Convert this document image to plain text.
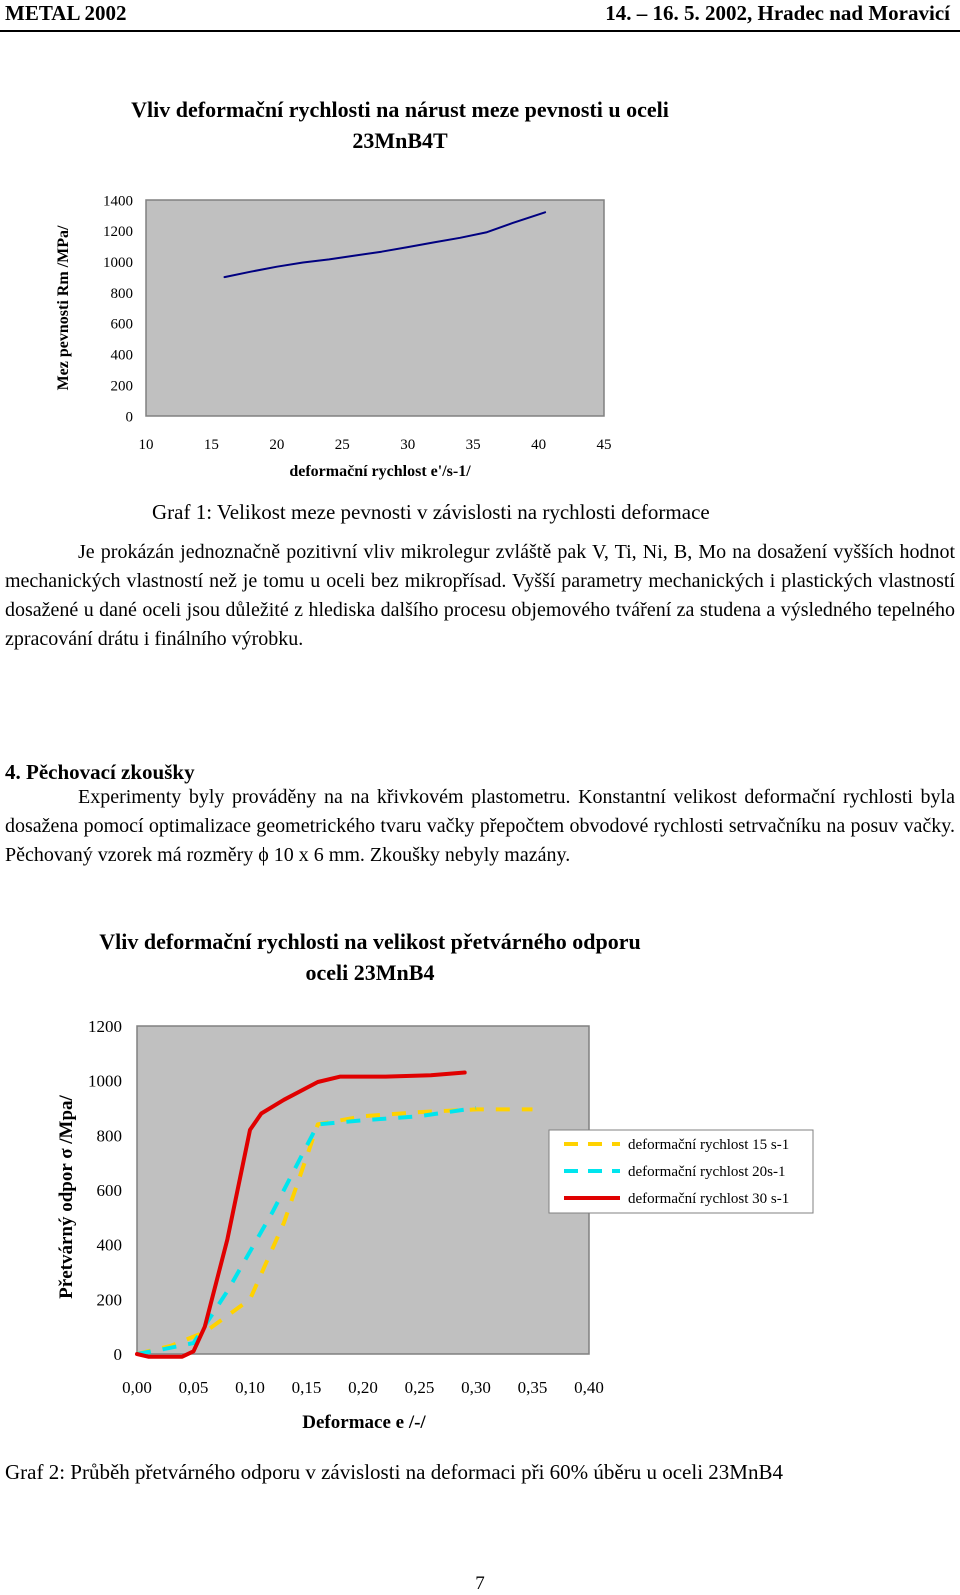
METAL 2002	14. – 16. 5. 2002, Hradec nad Moravicí
Vliv deformační rychlosti na nárust meze pevnosti u oceli
23MnB4T
10	15	20	25	30	35	40	45
0
200
400
600
800
1000
1200
1400
deformační rychlost e'/s-1/
Mez pevnosti Rm /MPa/
Graf 1: Velikost meze pevnosti v závislosti na rychlosti deformace

Je prokázán jednoznačně pozitivní vliv mikrolegur zvláště pak V, Ti, Ni, B, Mo na dosažení vyšších hodnot mechanických vlastností než je tomu u oceli bez mikropřísad. Vyšší parametry mechanických i plastických vlastností dosažené u dané oceli jsou důležité z hlediska dalšího procesu objemového tváření za studena a výsledného tepelného zpracování drátu i finálního výrobku.

4. Pěchovací zkoušky

Experimenty byly prováděny na na křivkovém plastometru. Konstantní velikost deformační rychlosti byla dosažena pomocí optimalizace geometrického tvaru vačky přepočtem obvodové rychlosti setrvačníku na posuv vačky. Pěchovaný vzorek má rozměry ϕ 10 x 6 mm. Zkoušky nebyly mazány.

Vliv deformační rychlosti na velikost přetvárného odporu
oceli 23MnB4
0,00 0,05 0,10 0,15 0,20 0,25 0,30 0,35 0,40
0
200
400
600
800
1000
1200
Deformace e /-/
Přetvárný odpor σ /Mpa/	deformační rychlost 15 s-1
deformační rychlost 20s-1
deformační rychlost 30 s-1
Graf 2: Průběh přetvárného odporu v závislosti na deformaci při 60% úběru u oceli 23MnB4
7
